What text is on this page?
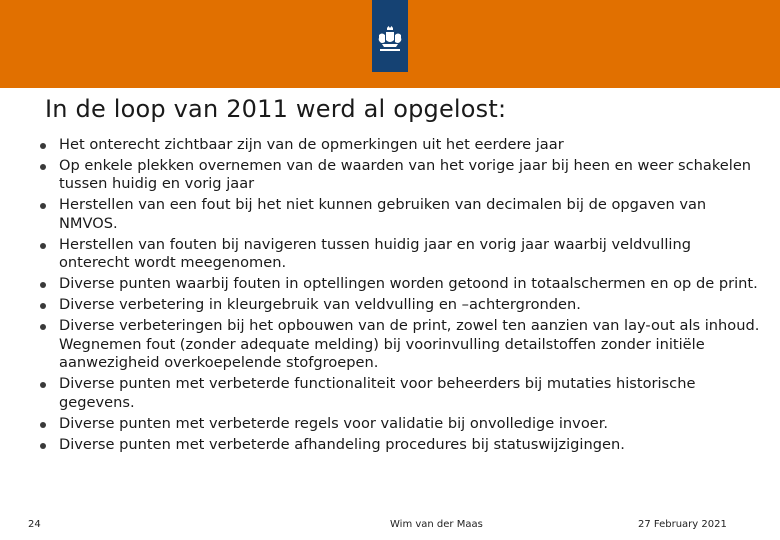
In de loop van 2011 werd al opgelost:
Het onterecht zichtbaar zijn van de opmerkingen uit het eerdere jaar
Op enkele plekken overnemen van de waarden van het vorige jaar bij heen en weer schakelen tussen huidig en vorig jaar
Herstellen van een fout bij het niet kunnen gebruiken van decimalen bij de opgaven van NMVOS.
Herstellen van fouten bij navigeren tussen huidig jaar en vorig jaar waarbij veldvulling onterecht wordt meegenomen.
Diverse punten waarbij fouten in optellingen worden getoond in totaalschermen en op de print.
Diverse verbetering in kleurgebruik van veldvulling en –achtergronden.
Diverse verbeteringen bij het opbouwen van de print, zowel ten aanzien van lay-out als inhoud. Wegnemen fout (zonder adequate melding) bij voorinvulling detailstoffen zonder initiële aanwezigheid overkoepelende stofgroepen.
Diverse punten met verbeterde functionaliteit voor beheerders bij mutaties historische gegevens.
Diverse punten met verbeterde regels voor validatie bij onvolledige invoer.
Diverse punten met verbeterde afhandeling procedures bij statuswijzigingen.
24	Wim van der Maas	27 February 2021
